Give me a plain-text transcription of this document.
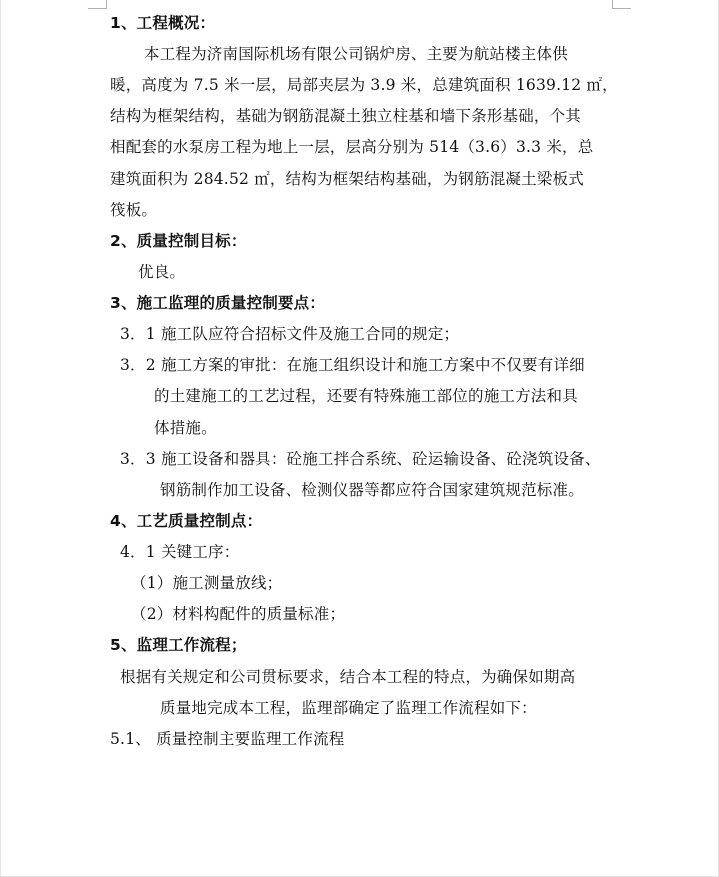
1、工程概况：
本工程为济南国际机场有限公司锅炉房、主要为航站楼主体供
暖，高度为 7.5 米一层，局部夹层为 3.9 米，总建筑面积 1639.12 ㎡，
结构为框架结构，基础为钢筋混凝土独立柱基和墙下条形基础，个其
相配套的水泵房工程为地上一层，层高分别为 514（3.6）3.3 米，总
建筑面积为 284.52 ㎡，结构为框架结构基础，为钢筋混凝土梁板式
筏板。
2、质量控制目标：
优良。
3、施工监理的质量控制要点：
3．1 施工队应符合招标文件及施工合同的规定；
3．2 施工方案的审批：在施工组织设计和施工方案中不仅要有详细
的土建施工的工艺过程，还要有特殊施工部位的施工方法和具
体措施。
3．3 施工设备和器具：砼施工拌合系统、砼运输设备、砼浇筑设备、
钢筋制作加工设备、检测仪器等都应符合国家建筑规范标准。
4、工艺质量控制点：
4．1 关键工序：
（1）施工测量放线；
（2）材料构配件的质量标准；
5、监理工作流程；
根据有关规定和公司贯标要求，结合本工程的特点，为确保如期高
质量地完成本工程，监理部确定了监理工作流程如下：
5.1、 质量控制主要监理工作流程
